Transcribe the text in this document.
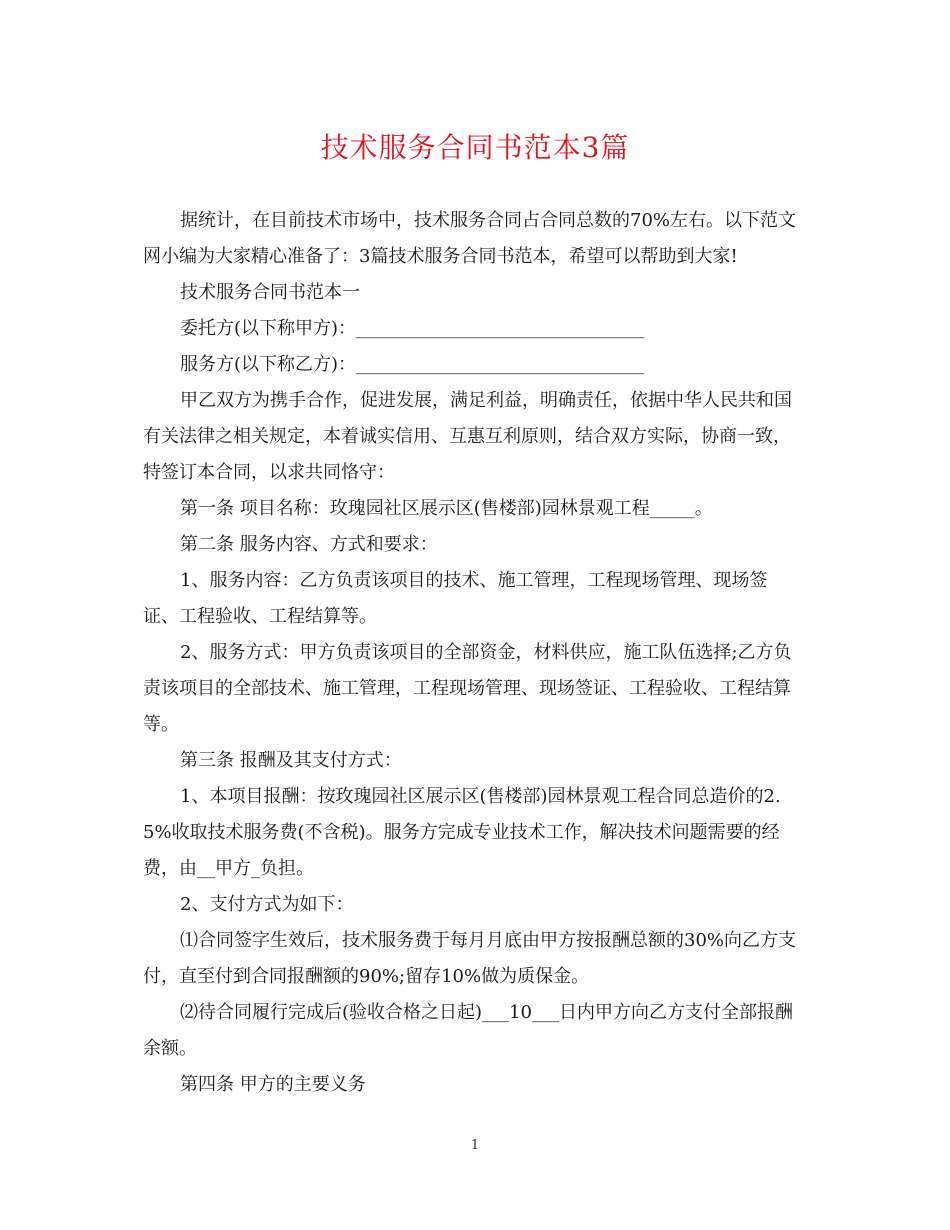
技术服务合同书范本3篇

据统计，在目前技术市场中，技术服务合同占合同总数的70%左右。以下范文网小编为大家精心准备了：3篇技术服务合同书范本，希望可以帮助到大家!

技术服务合同书范本一

委托方(以下称甲方)：________________________________

服务方(以下称乙方)：________________________________

甲乙双方为携手合作，促进发展，满足利益，明确责任，依据中华人民共和国有关法律之相关规定，本着诚实信用、互惠互利原则，结合双方实际，协商一致，特签订本合同，以求共同恪守：

第一条 项目名称：玫瑰园社区展示区(售楼部)园林景观工程_____。

第二条 服务内容、方式和要求：

1、服务内容：乙方负责该项目的技术、施工管理，工程现场管理、现场签证、工程验收、工程结算等。

2、服务方式：甲方负责该项目的全部资金，材料供应，施工队伍选择;乙方负责该项目的全部技术、施工管理，工程现场管理、现场签证、工程验收、工程结算等。

第三条 报酬及其支付方式：

1、本项目报酬：按玫瑰园社区展示区(售楼部)园林景观工程合同总造价的2.5%收取技术服务费(不含税)。服务方完成专业技术工作，解决技术问题需要的经费，由__甲方_负担。

2、支付方式为如下：

⑴合同签字生效后，技术服务费于每月月底由甲方按报酬总额的30%向乙方支付，直至付到合同报酬额的90%;留存10%做为质保金。

⑵待合同履行完成后(验收合格之日起)___10___日内甲方向乙方支付全部报酬余额。

第四条 甲方的主要义务

1
